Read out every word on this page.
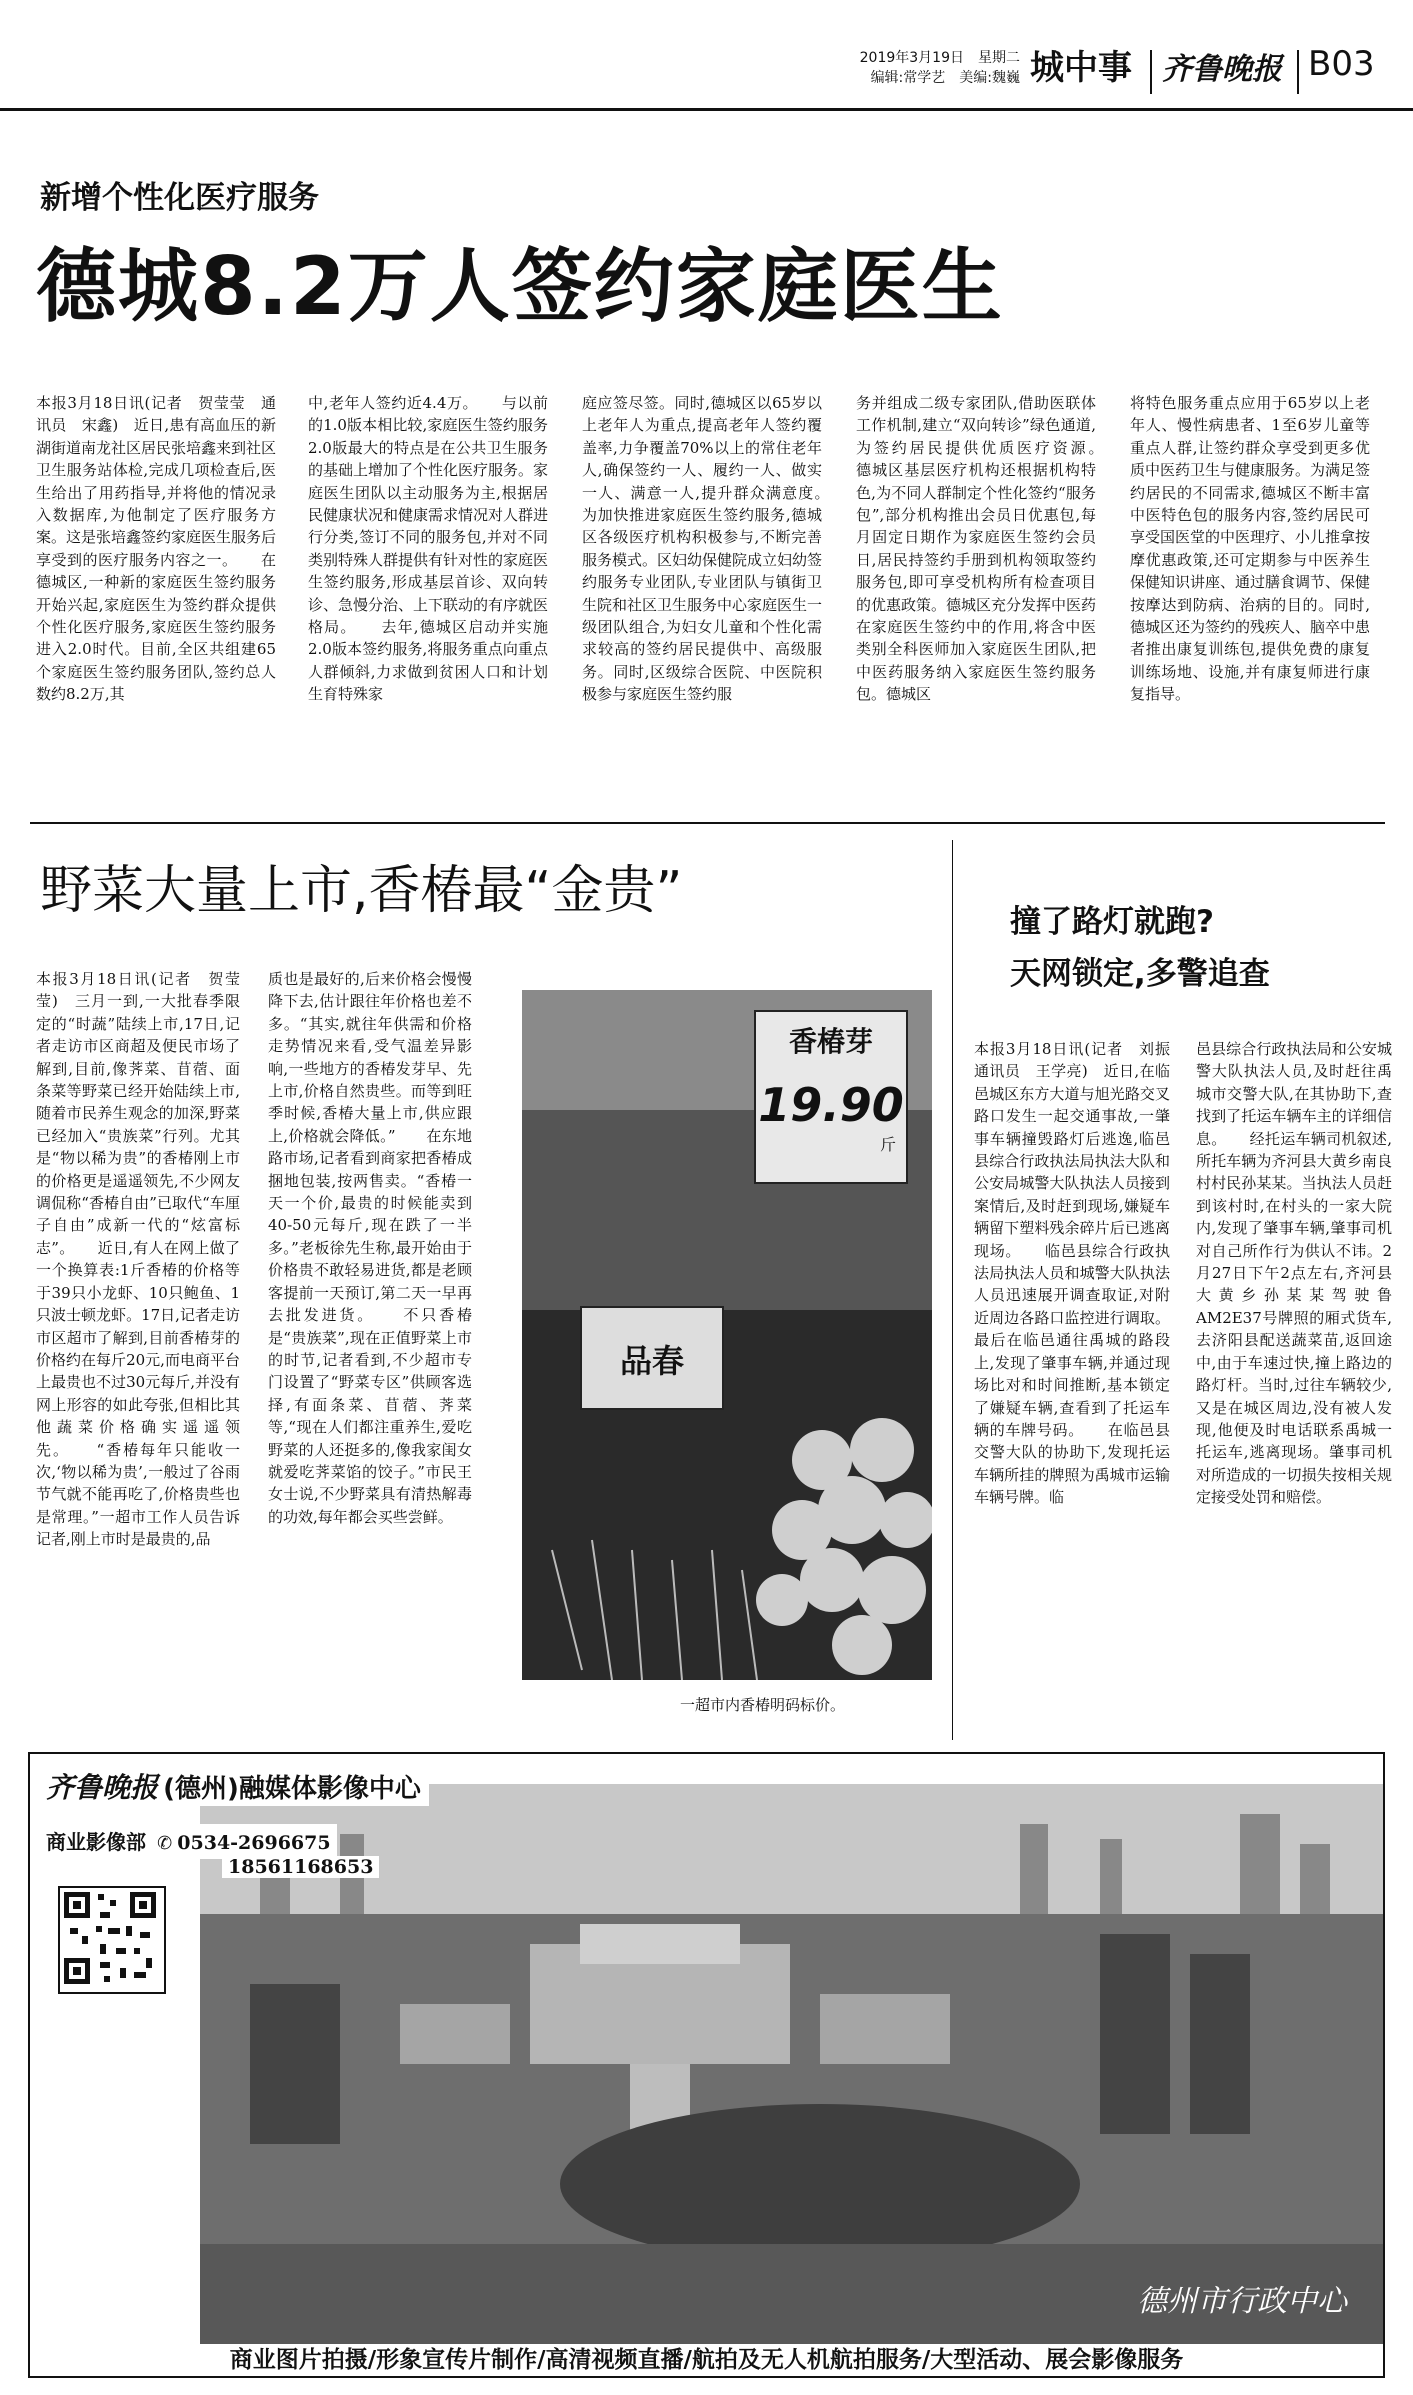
2019年3月19日　星期二
编辑:常学艺　美编:魏巍 城中事 齐鲁晚报 B03
新增个性化医疗服务
德城8.2万人签约家庭医生

本报3月18日讯(记者　贺莹莹　通讯员　宋鑫)　近日,患有高血压的新湖街道南龙社区居民张培鑫来到社区卫生服务站体检,完成几项检查后,医生给出了用药指导,并将他的情况录入数据库,为他制定了医疗服务方案。这是张培鑫签约家庭医生服务后享受到的医疗服务内容之一。　　在德城区,一种新的家庭医生签约服务开始兴起,家庭医生为签约群众提供个性化医疗服务,家庭医生签约服务进入2.0时代。目前,全区共组建65个家庭医生签约服务团队,签约总人数约8.2万,其

中,老年人签约近4.4万。　　与以前的1.0版本相比较,家庭医生签约服务2.0版最大的特点是在公共卫生服务的基础上增加了个性化医疗服务。家庭医生团队以主动服务为主,根据居民健康状况和健康需求情况对人群进行分类,签订不同的服务包,并对不同类别特殊人群提供有针对性的家庭医生签约服务,形成基层首诊、双向转诊、急慢分治、上下联动的有序就医格局。　　去年,德城区启动并实施2.0版本签约服务,将服务重点向重点人群倾斜,力求做到贫困人口和计划生育特殊家

庭应签尽签。同时,德城区以65岁以上老年人为重点,提高老年人签约覆盖率,力争覆盖70%以上的常住老年人,确保签约一人、履约一人、做实一人、满意一人,提升群众满意度。　　为加快推进家庭医生签约服务,德城区各级医疗机构积极参与,不断完善服务模式。区妇幼保健院成立妇幼签约服务专业团队,专业团队与镇街卫生院和社区卫生服务中心家庭医生一级团队组合,为妇女儿童和个性化需求较高的签约居民提供中、高级服务。同时,区级综合医院、中医院积极参与家庭医生签约服

务并组成二级专家团队,借助医联体工作机制,建立“双向转诊”绿色通道,为签约居民提供优质医疗资源。　　德城区基层医疗机构还根据机构特色,为不同人群制定个性化签约“服务包”,部分机构推出会员日优惠包,每月固定日期作为家庭医生签约会员日,居民持签约手册到机构领取签约服务包,即可享受机构所有检查项目的优惠政策。德城区充分发挥中医药在家庭医生签约中的作用,将含中医类别全科医师加入家庭医生团队,把中医药服务纳入家庭医生签约服务包。德城区

将特色服务重点应用于65岁以上老年人、慢性病患者、1至6岁儿童等重点人群,让签约群众享受到更多优质中医药卫生与健康服务。为满足签约居民的不同需求,德城区不断丰富中医特色包的服务内容,签约居民可享受国医堂的中医理疗、小儿推拿按摩优惠政策,还可定期参与中医养生保健知识讲座、通过膳食调节、保健按摩达到防病、治病的目的。同时,德城区还为签约的残疾人、脑卒中患者推出康复训练包,提供免费的康复训练场地、设施,并有康复师进行康复指导。

野菜大量上市,香椿最“金贵”

本报3月18日讯(记者　贺莹莹)　三月一到,一大批春季限定的“时蔬”陆续上市,17日,记者走访市区商超及便民市场了解到,目前,像荠菜、苜蓿、面条菜等野菜已经开始陆续上市,随着市民养生观念的加深,野菜已经加入“贵族菜”行列。尤其是“物以稀为贵”的香椿刚上市的价格更是遥遥领先,不少网友调侃称“香椿自由”已取代“车厘子自由”成新一代的“炫富标志”。　　近日,有人在网上做了一个换算表:1斤香椿的价格等于39只小龙虾、10只鲍鱼、1只波士顿龙虾。17日,记者走访市区超市了解到,目前香椿芽的价格约在每斤20元,而电商平台上最贵也不过30元每斤,并没有网上形容的如此夸张,但相比其他蔬菜价格确实遥遥领先。　　“香椿每年只能收一次,‘物以稀为贵’,一般过了谷雨节气就不能再吃了,价格贵些也是常理。”一超市工作人员告诉记者,刚上市时是最贵的,品

质也是最好的,后来价格会慢慢降下去,估计跟往年价格也差不多。“其实,就往年供需和价格走势情况来看,受气温差异影响,一些地方的香椿发芽早、先上市,价格自然贵些。而等到旺季时候,香椿大量上市,供应跟上,价格就会降低。”　　在东地路市场,记者看到商家把香椿成捆地包装,按两售卖。“香椿一天一个价,最贵的时候能卖到40-50元每斤,现在跌了一半多。”老板徐先生称,最开始由于价格贵不敢轻易进货,都是老顾客提前一天预订,第二天一早再去批发进货。　　不只香椿是“贵族菜”,现在正值野菜上市的时节,记者看到,不少超市专门设置了“野菜专区”供顾客选择,有面条菜、苜蓿、荠菜等,“现在人们都注重养生,爱吃野菜的人还挺多的,像我家闺女就爱吃荠菜馅的饺子。”市民王女士说,不少野菜具有清热解毒的功效,每年都会买些尝鲜。

香椿芽
19.90
斤
品春
一超市内香椿明码标价。
撞了路灯就跑?
天网锁定,多警追查

本报3月18日讯(记者　刘振　通讯员　王学亮)　近日,在临邑城区东方大道与旭光路交叉路口发生一起交通事故,一肇事车辆撞毁路灯后逃逸,临邑县综合行政执法局执法大队和公安局城警大队执法人员接到案情后,及时赶到现场,嫌疑车辆留下塑料残余碎片后已逃离现场。　　临邑县综合行政执法局执法人员和城警大队执法人员迅速展开调查取证,对附近周边各路口监控进行调取。最后在临邑通往禹城的路段上,发现了肇事车辆,并通过现场比对和时间推断,基本锁定了嫌疑车辆,查看到了托运车辆的车牌号码。　　在临邑县交警大队的协助下,发现托运车辆所挂的牌照为禹城市运输车辆号牌。临

邑县综合行政执法局和公安城警大队执法人员,及时赶往禹城市交警大队,在其协助下,查找到了托运车辆车主的详细信息。　　经托运车辆司机叙述,所托车辆为齐河县大黄乡南良村村民孙某某。当执法人员赶到该村时,在村头的一家大院内,发现了肇事车辆,肇事司机对自己所作行为供认不讳。2月27日下午2点左右,齐河县大黄乡孙某某驾驶鲁AM2E37号牌照的厢式货车,去济阳县配送蔬菜苗,返回途中,由于车速过快,撞上路边的路灯杆。当时,过往车辆较少,又是在城区周边,没有被人发现,他便及时电话联系禹城一托运车,逃离现场。肇事司机对所造成的一切损失按相关规定接受处罚和赔偿。

德州市行政中心
齐鲁晚报 (德州)融媒体影像中心
商业影像部 ✆ 0534-2696675
18561168653
商业图片拍摄/形象宣传片制作/高清视频直播/航拍及无人机航拍服务/大型活动、展会影像服务
